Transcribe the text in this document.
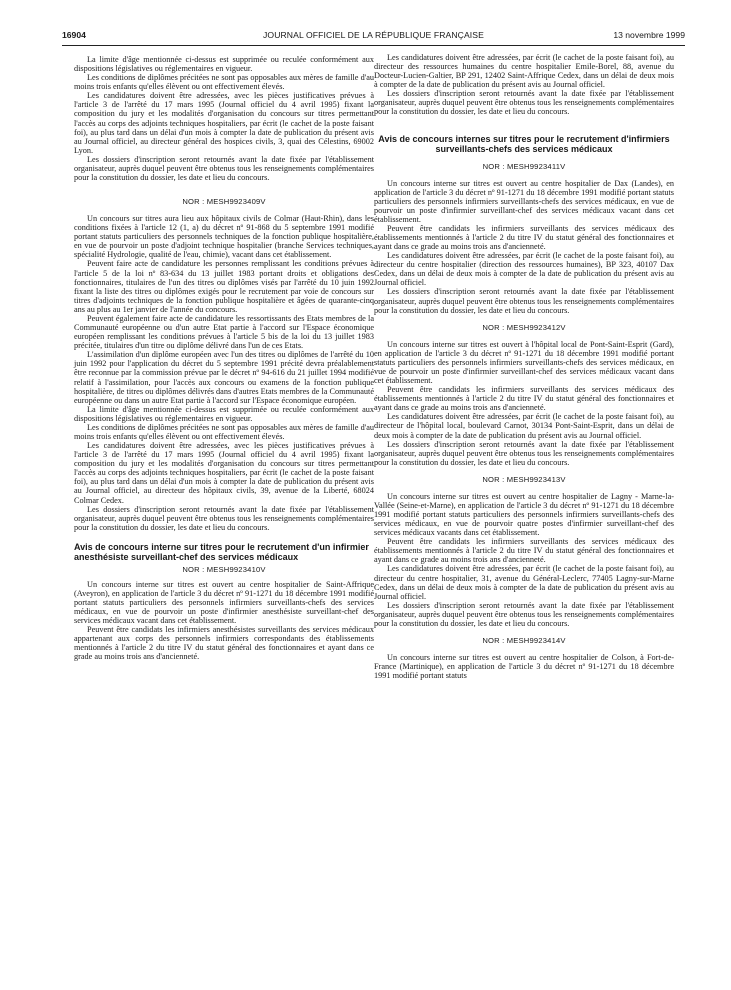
16904	JOURNAL OFFICIEL DE LA RÉPUBLIQUE FRANÇAISE	13 novembre 1999

La limite d'âge mentionnée ci-dessus est supprimée ou reculée conformément aux dispositions législatives ou réglementaires en vigueur.

Les conditions de diplômes précitées ne sont pas opposables aux mères de famille d'au moins trois enfants qu'elles élèvent ou ont effectivement élevés.

Les candidatures doivent être adressées, avec les pièces justificatives prévues à l'article 3 de l'arrêté du 17 mars 1995 (Journal officiel du 4 avril 1995) fixant la composition du jury et les modalités d'organisation du concours sur titres permettant l'accès au corps des adjoints techniques hospitaliers, par écrit (le cachet de la poste faisant foi), au plus tard dans un délai d'un mois à compter la date de publication du présent avis au Journal officiel, au directeur général des hospices civils, 3, quai des Célestins, 69002 Lyon.

Les dossiers d'inscription seront retournés avant la date fixée par l'établissement organisateur, auprès duquel peuvent être obtenus tous les renseignements complémentaires pour la constitution du dossier, les date et lieu du concours.

NOR : MESH9923409V

Un concours sur titres aura lieu aux hôpitaux civils de Colmar (Haut-Rhin), dans les conditions fixées à l'article 12 (1, a) du décret nº 91-868 du 5 septembre 1991 modifié portant statuts particuliers des personnels techniques de la fonction publique hospitalière, en vue de pourvoir un poste d'adjoint technique hospitalier (branche Services techniques, spécialité Hydrologie, qualité de l'eau, chimie), vacant dans cet établissement.

Peuvent faire acte de candidature les personnes remplissant les conditions prévues à l'article 5 de la loi nº 83-634 du 13 juillet 1983 portant droits et obligations des fonctionnaires, titulaires de l'un des titres ou diplômes visés par l'arrêté du 10 juin 1992 fixant la liste des titres ou diplômes exigés pour le recrutement par voie de concours sur titres d'adjoints techniques de la fonction publique hospitalière et âgées de quarante-cinq ans au plus au 1er janvier de l'année du concours.

Peuvent également faire acte de candidature les ressortissants des Etats membres de la Communauté européenne ou d'un autre Etat partie à l'accord sur l'Espace économique européen remplissant les conditions prévues à l'article 5 bis de la loi du 13 juillet 1983 précitée, titulaires d'un titre ou diplôme délivré dans l'un de ces Etats.

L'assimilation d'un diplôme européen avec l'un des titres ou diplômes de l'arrêté du 10 juin 1992 pour l'application du décret du 5 septembre 1991 précité devra préalablement être reconnue par la commission prévue par le décret nº 94-616 du 21 juillet 1994 modifié relatif à l'assimilation, pour l'accès aux concours ou examens de la fonction publique hospitalière, de titres ou diplômes délivrés dans d'autres Etats membres de la Communauté européenne ou dans un autre Etat partie à l'accord sur l'Espace économique européen.

La limite d'âge mentionnée ci-dessus est supprimée ou reculée conformément aux dispositions législatives ou réglementaires en vigueur.

Les conditions de diplômes précitées ne sont pas opposables aux mères de famille d'au moins trois enfants qu'elles élèvent ou ont effectivement élevés.

Les candidatures doivent être adressées, avec les pièces justificatives prévues à l'article 3 de l'arrêté du 17 mars 1995 (Journal officiel du 4 avril 1995) fixant la composition du jury et les modalités d'organisation du concours sur titres permettant l'accès au corps des adjoints techniques hospitaliers, par écrit (le cachet de la poste faisant foi), au plus tard dans un délai d'un mois à compter la date de publication du présent avis au Journal officiel, au directeur des hôpitaux civils, 39, avenue de la Liberté, 68024 Colmar Cedex.

Les dossiers d'inscription seront retournés avant la date fixée par l'établissement organisateur, auprès duquel peuvent être obtenus tous les renseignements complémentaires pour la constitution du dossier, les date et lieu du concours.

Avis de concours interne sur titres pour le recrutement d'un infirmier anesthésiste surveillant-chef des services médicaux
NOR : MESH9923410V

Un concours interne sur titres est ouvert au centre hospitalier de Saint-Affrique (Aveyron), en application de l'article 3 du décret nº 91-1271 du 18 décembre 1991 modifié portant statuts particuliers des personnels infirmiers surveillants-chefs des services médicaux, en vue de pourvoir un poste d'infirmier anesthésiste surveillant-chef des services médicaux vacant dans cet établissement.

Peuvent être candidats les infirmiers anesthésistes surveillants des services médicaux appartenant aux corps des personnels infirmiers correspondants des établissements mentionnés à l'article 2 du titre IV du statut général des fonctionnaires et ayant dans ce grade au moins trois ans d'ancienneté.

Les candidatures doivent être adressées, par écrit (le cachet de la poste faisant foi), au directeur des ressources humaines du centre hospitalier Emile-Borel, 88, avenue du Docteur-Lucien-Galtier, BP 291, 12402 Saint-Affrique Cedex, dans un délai de deux mois à compter de la date de publication du présent avis au Journal officiel.

Les dossiers d'inscription seront retournés avant la date fixée par l'établissement organisateur, auprès duquel peuvent être obtenus tous les renseignements complémentaires pour la constitution du dossier, les date et lieu du concours.

Avis de concours internes sur titres pour le recrutement d'infirmiers surveillants-chefs des services médicaux
NOR : MESH9923411V

Un concours interne sur titres est ouvert au centre hospitalier de Dax (Landes), en application de l'article 3 du décret nº 91-1271 du 18 décembre 1991 modifié portant statuts particuliers des personnels infirmiers surveillants-chefs des services médicaux, en vue de pourvoir un poste d'infirmier surveillant-chef des services médicaux vacant dans cet établissement.

Peuvent être candidats les infirmiers surveillants des services médicaux des établissements mentionnés à l'article 2 du titre IV du statut général des fonctionnaires et ayant dans ce grade au moins trois ans d'ancienneté.

Les candidatures doivent être adressées, par écrit (le cachet de la poste faisant foi), au directeur du centre hospitalier (direction des ressources humaines), BP 323, 40107 Dax Cedex, dans un délai de deux mois à compter de la date de publication du présent avis au Journal officiel.

Les dossiers d'inscription seront retournés avant la date fixée par l'établissement organisateur, auprès duquel peuvent être obtenus tous les renseignements complémentaires pour la constitution du dossier, les date et lieu du concours.

NOR : MESH9923412V

Un concours interne sur titres est ouvert à l'hôpital local de Pont-Saint-Esprit (Gard), en application de l'article 3 du décret nº 91-1271 du 18 décembre 1991 modifié portant statuts particuliers des personnels infirmiers surveillants-chefs des services médicaux, en vue de pourvoir un poste d'infirmier surveillant-chef des services médicaux vacant dans cet établissement.

Peuvent être candidats les infirmiers surveillants des services médicaux des établissements mentionnés à l'article 2 du titre IV du statut général des fonctionnaires et ayant dans ce grade au moins trois ans d'ancienneté.

Les candidatures doivent être adressées, par écrit (le cachet de la poste faisant foi), au directeur de l'hôpital local, boulevard Carnot, 30134 Pont-Saint-Esprit, dans un délai de deux mois à compter de la date de publication du présent avis au Journal officiel.

Les dossiers d'inscription seront retournés avant la date fixée par l'établissement organisateur, auprès duquel peuvent être obtenus tous les renseignements complémentaires pour la constitution du dossier, les date et lieu du concours.

NOR : MESH9923413V

Un concours interne sur titres est ouvert au centre hospitalier de Lagny - Marne-la-Vallée (Seine-et-Marne), en application de l'article 3 du décret nº 91-1271 du 18 décembre 1991 modifié portant statuts particuliers des personnels infirmiers surveillants-chefs des services médicaux, en vue de pourvoir quatre postes d'infirmier surveillant-chef des services médicaux vacants dans cet établissement.

Peuvent être candidats les infirmiers surveillants des services médicaux des établissements mentionnés à l'article 2 du titre IV du statut général des fonctionnaires et ayant dans ce grade au moins trois ans d'ancienneté.

Les candidatures doivent être adressées, par écrit (le cachet de la poste faisant foi), au directeur du centre hospitalier, 31, avenue du Général-Leclerc, 77405 Lagny-sur-Marne Cedex, dans un délai de deux mois à compter de la date de publication du présent avis au Journal officiel.

Les dossiers d'inscription seront retournés avant la date fixée par l'établissement organisateur, auprès duquel peuvent être obtenus tous les renseignements complémentaires pour la constitution du dossier, les date et lieu du concours.

NOR : MESH9923414V

Un concours interne sur titres est ouvert au centre hospitalier de Colson, à Fort-de-France (Martinique), en application de l'article 3 du décret nº 91-1271 du 18 décembre 1991 modifié portant statuts
